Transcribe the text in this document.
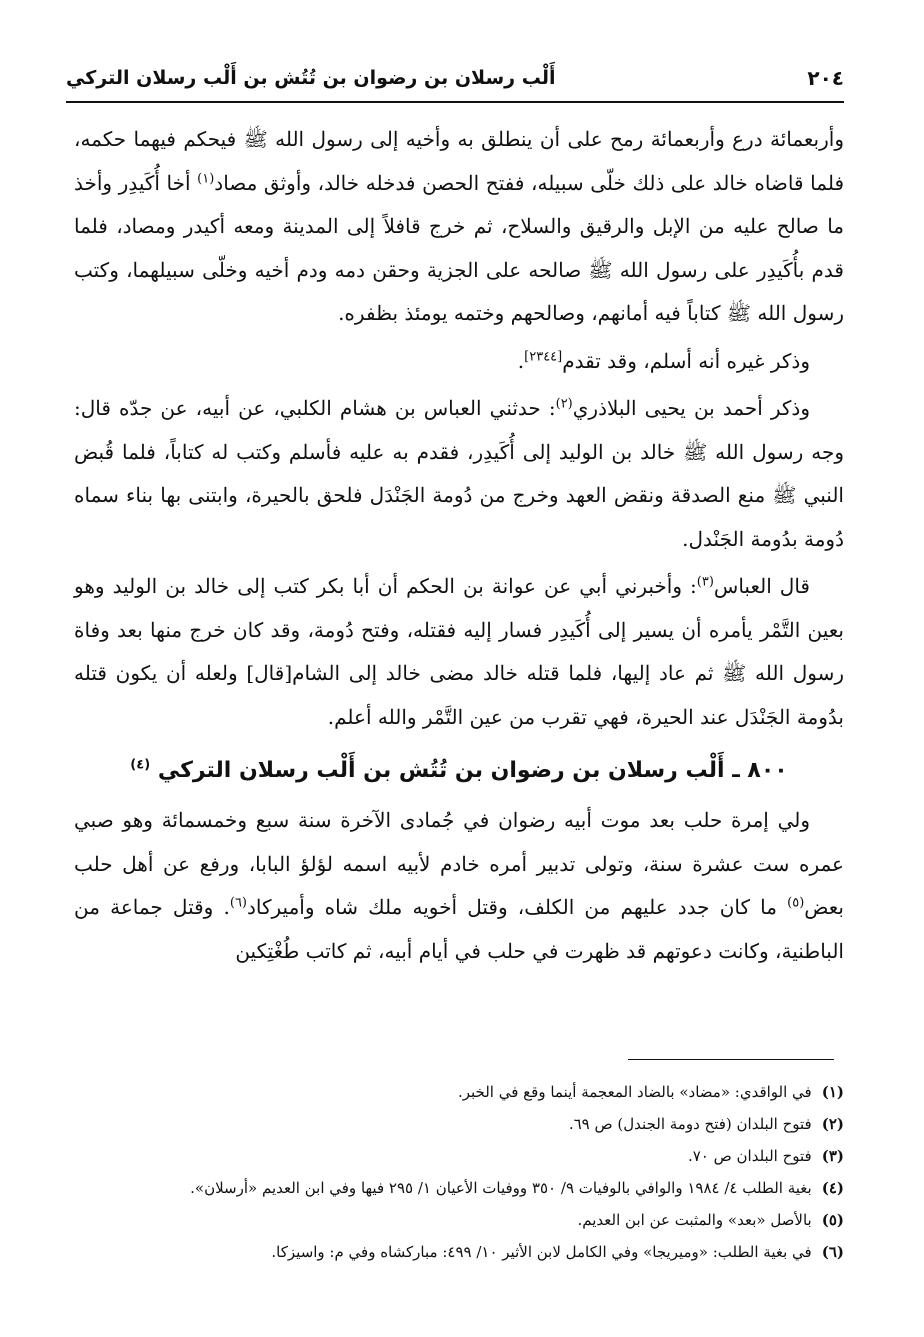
٢٠٤
أَلْب رسلان بن رضوان بن تُتُش بن أَلْب رسلان التركي

وأربعمائة درع وأربعمائة رمح على أن ينطلق به وأخيه إلى رسول الله ﷺ فيحكم فيهما حكمه، فلما قاضاه خالد على ذلك خلّى سبيله، ففتح الحصن فدخله خالد، وأوثق مصاد$^{(١)}$ أخا أُكَيدِر وأخذ ما صالح عليه من الإبل والرقيق والسلاح، ثم خرج قافلاً إلى المدينة ومعه أكيدر ومصاد، فلما قدم بأُكَيدِر على رسول الله ﷺ صالحه على الجزية وحقن دمه ودم أخيه وخلّى سبيلهما، وكتب رسول الله ﷺ كتاباً فيه أمانهم، وصالحهم وختمه يومئذ بظفره.

وذكر غيره أنه أسلم، وقد تقدم[٢٣٤٤].

وذكر أحمد بن يحيى البلاذري$^{(٢)}$: حدثني العباس بن هشام الكلبي، عن أبيه، عن جدّه قال: وجه رسول الله ﷺ خالد بن الوليد إلى أُكَيدِر، فقدم به عليه فأسلم وكتب له كتاباً، فلما قُبض النبي ﷺ منع الصدقة ونقض العهد وخرج من دُومة الجَنْدَل فلحق بالحيرة، وابتنى بها بناء سماه دُومة بدُومة الجَنْدل.

قال العباس$^{(٣)}$: وأخبرني أبي عن عوانة بن الحكم أن أبا بكر كتب إلى خالد بن الوليد وهو بعين التَّمْر يأمره أن يسير إلى أُكَيدِر فسار إليه فقتله، وفتح دُومة، وقد كان خرج منها بعد وفاة رسول الله ﷺ ثم عاد إليها، فلما قتله خالد مضى خالد إلى الشام[قال] ولعله أن يكون قتله بدُومة الجَنْدَل عند الحيرة، فهي تقرب من عين التَّمْر والله أعلم.

٨٠٠ ـ أَلْب رسلان بن رضوان بن تُتُش بن أَلْب رسلان التركي $^{(٤)}$

ولي إمرة حلب بعد موت أبيه رضوان في جُمادى الآخرة سنة سبع وخمسمائة وهو صبي عمره ست عشرة سنة، وتولى تدبير أمره خادم لأبيه اسمه لؤلؤ البابا، ورفع عن أهل حلب بعض$^{(٥)}$ ما كان جدد عليهم من الكلف، وقتل أخويه ملك شاه وأميركاد$^{(٦)}$. وقتل جماعة من الباطنية، وكانت دعوتهم قد ظهرت في حلب في أيام أبيه، ثم كاتب طُغْتِكين

(١)
في الواقدي: «مضاد» بالضاد المعجمة أينما وقع في الخبر.
(٢)
فتوح البلدان (فتح دومة الجندل) ص ٦٩.
(٣)
فتوح البلدان ص ٧٠.
(٤)
بغية الطلب ٤/ ١٩٨٤ والوافي بالوفيات ٩/ ٣٥٠ ووفيات الأعيان ١/ ٢٩٥ فيها وفي ابن العديم «أرسلان».
(٥)
بالأصل «بعد» والمثبت عن ابن العديم.
(٦)
في بغية الطلب: «وميريجا» وفي الكامل لابن الأثير ١٠/ ٤٩٩: مباركشاه وفي م: واسيزكا.
